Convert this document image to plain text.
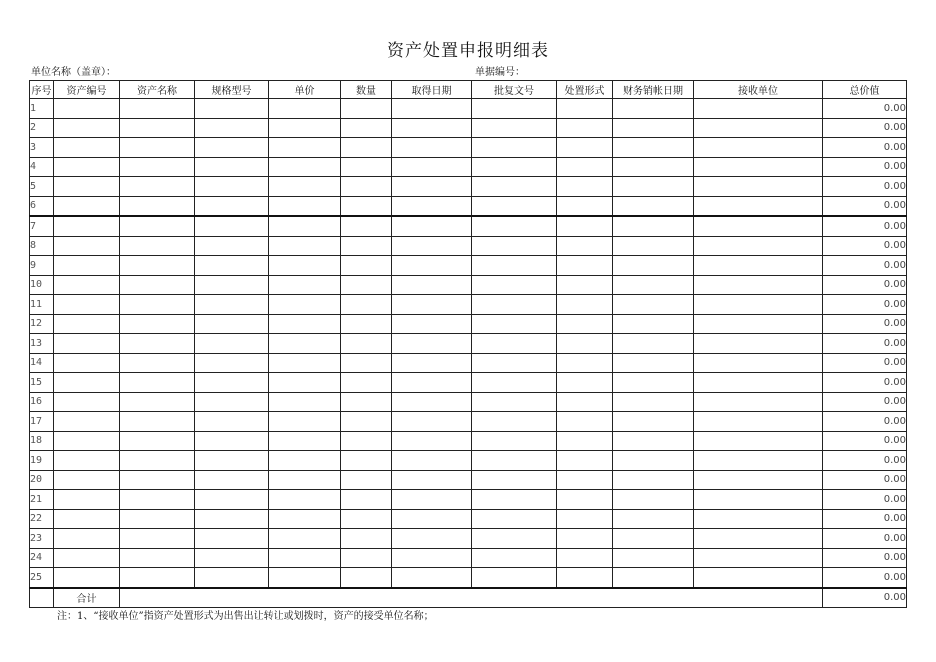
资产处置申报明细表
单位名称（盖章）：	单据编号：
序号	资产编号	资产名称	规格型号	单价	数量	取得日期	批复文号	处置形式	财务销帐日期	接收单位	总价值
1											0.00
2											0.00
3											0.00
4											0.00
5											0.00
6											0.00
7											0.00
8											0.00
9											0.00
10											0.00
11											0.00
12											0.00
13											0.00
14											0.00
15											0.00
16											0.00
17											0.00
18											0.00
19											0.00
20											0.00
21											0.00
22											0.00
23											0.00
24											0.00
25											0.00
	合计										0.00
注：1、“接收单位”指资产处置形式为出售出让转让或划拨时，资产的接受单位名称；
